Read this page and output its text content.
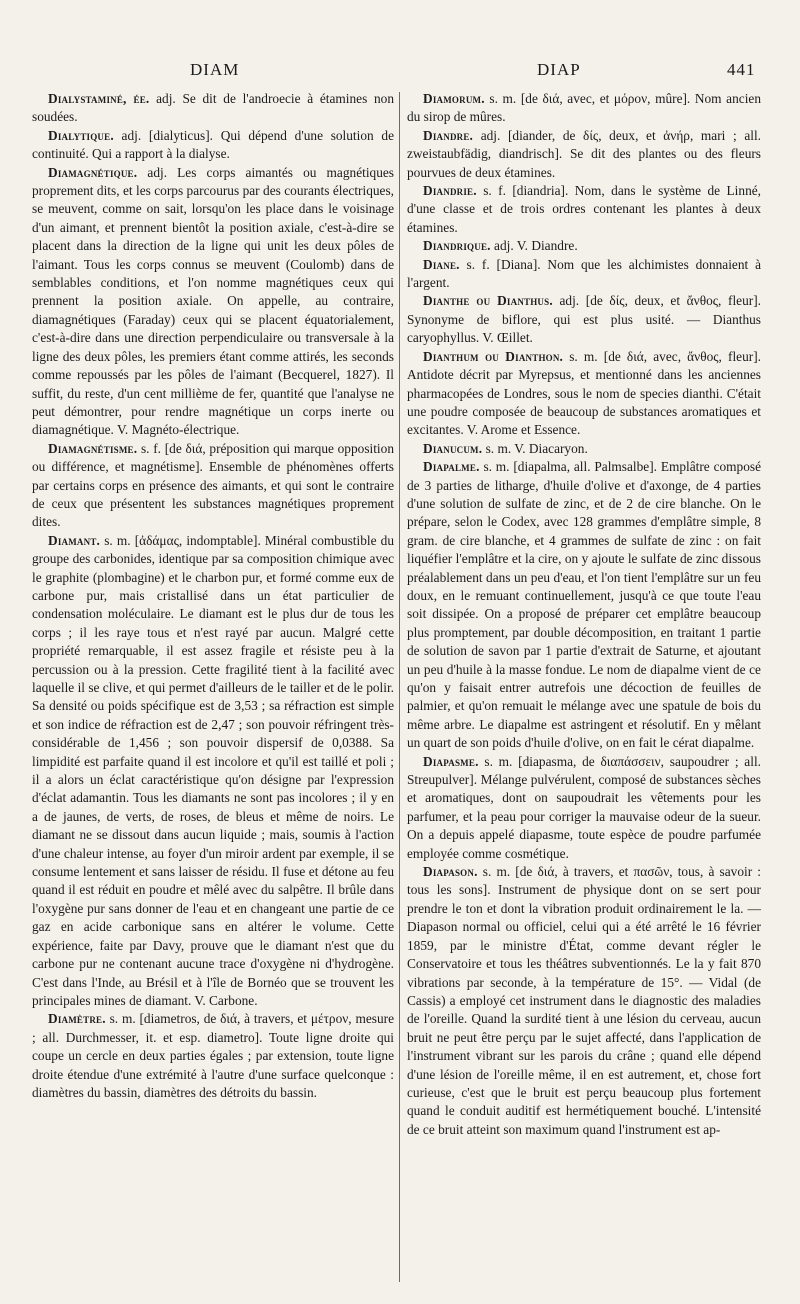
DIAM	DIAP	441

Dialystaminé, ée. adj. Se dit de l'androecie à étamines non soudées.

Dialytique. adj. [dialyticus]. Qui dépend d'une solution de continuité. Qui a rapport à la dialyse.

Diamagnétique. adj. Les corps aimantés ou magnétiques proprement dits, et les corps parcourus par des courants électriques, se meuvent, comme on sait, lorsqu'on les place dans le voisinage d'un aimant, et prennent bientôt la position axiale, c'est-à-dire se placent dans la direction de la ligne qui unit les deux pôles de l'aimant. Tous les corps connus se meuvent (Coulomb) dans de semblables conditions, et l'on nomme magnétiques ceux qui prennent la position axiale. On appelle, au contraire, diamagnétiques (Faraday) ceux qui se placent équatorialement, c'est-à-dire dans une direction perpendiculaire ou transversale à la ligne des deux pôles, les premiers étant comme attirés, les seconds comme repoussés par les pôles de l'aimant (Becquerel, 1827). Il suffit, du reste, d'un cent millième de fer, quantité que l'analyse ne peut démontrer, pour rendre magnétique un corps inerte ou diamagnétique. V. Magnéto-électrique.

Diamagnétisme. s. f. [de διά, préposition qui marque opposition ou différence, et magnétisme]. Ensemble de phénomènes offerts par certains corps en présence des aimants, et qui sont le contraire de ceux que présentent les substances magnétiques proprement dites.

Diamant. s. m. [ἀδάμας, indomptable]. Minéral combustible du groupe des carbonides, identique par sa composition chimique avec le graphite (plombagine) et le charbon pur, et formé comme eux de carbone pur, mais cristallisé dans un état particulier de condensation moléculaire. Le diamant est le plus dur de tous les corps ; il les raye tous et n'est rayé par aucun. Malgré cette propriété remarquable, il est assez fragile et résiste peu à la percussion ou à la pression. Cette fragilité tient à la facilité avec laquelle il se clive, et qui permet d'ailleurs de le tailler et de le polir. Sa densité ou poids spécifique est de 3,53 ; sa réfraction est simple et son indice de réfraction est de 2,47 ; son pouvoir réfringent très-considérable de 1,456 ; son pouvoir dispersif de 0,0388. Sa limpidité est parfaite quand il est incolore et qu'il est taillé et poli ; il a alors un éclat caractéristique qu'on désigne par l'expression d'éclat adamantin. Tous les diamants ne sont pas incolores ; il y en a de jaunes, de verts, de roses, de bleus et même de noirs. Le diamant ne se dissout dans aucun liquide ; mais, soumis à l'action d'une chaleur intense, au foyer d'un miroir ardent par exemple, il se consume lentement et sans laisser de résidu. Il fuse et détone au feu quand il est réduit en poudre et mêlé avec du salpêtre. Il brûle dans l'oxygène pur sans donner de l'eau et en changeant une partie de ce gaz en acide carbonique sans en altérer le volume. Cette expérience, faite par Davy, prouve que le diamant n'est que du carbone pur ne contenant aucune trace d'oxygène ni d'hydrogène. C'est dans l'Inde, au Brésil et à l'île de Bornéo que se trouvent les principales mines de diamant. V. Carbone.

Diamètre. s. m. [diametros, de διά, à travers, et μέτρον, mesure ; all. Durchmesser, it. et esp. diametro]. Toute ligne droite qui coupe un cercle en deux parties égales ; par extension, toute ligne droite étendue d'une extrémité à l'autre d'une surface quelconque : diamètres du bassin, diamètres des détroits du bassin.

Diamorum. s. m. [de διά, avec, et μόρον, mûre]. Nom ancien du sirop de mûres.

Diandre. adj. [diander, de δίς, deux, et ἀνήρ, mari ; all. zweistaubfädig, diandrisch]. Se dit des plantes ou des fleurs pourvues de deux étamines.

Diandrie. s. f. [diandria]. Nom, dans le système de Linné, d'une classe et de trois ordres contenant les plantes à deux étamines.

Diandrique. adj. V. Diandre.

Diane. s. f. [Diana]. Nom que les alchimistes donnaient à l'argent.

Dianthe ou Dianthus. adj. [de δίς, deux, et ἄνθος, fleur]. Synonyme de biflore, qui est plus usité. — Dianthus caryophyllus. V. Œillet.

Dianthum ou Dianthon. s. m. [de διά, avec, ἄνθος, fleur]. Antidote décrit par Myrepsus, et mentionné dans les anciennes pharmacopées de Londres, sous le nom de species dianthi. C'était une poudre composée de beaucoup de substances aromatiques et excitantes. V. Arome et Essence.

Dianucum. s. m. V. Diacaryon.

Diapalme. s. m. [diapalma, all. Palmsalbe]. Emplâtre composé de 3 parties de litharge, d'huile d'olive et d'axonge, de 4 parties d'une solution de sulfate de zinc, et de 2 de cire blanche. On le prépare, selon le Codex, avec 128 grammes d'emplâtre simple, 8 gram. de cire blanche, et 4 grammes de sulfate de zinc : on fait liquéfier l'emplâtre et la cire, on y ajoute le sulfate de zinc dissous préalablement dans un peu d'eau, et l'on tient l'emplâtre sur un feu doux, en le remuant continuellement, jusqu'à ce que toute l'eau soit dissipée. On a proposé de préparer cet emplâtre beaucoup plus promptement, par double décomposition, en traitant 1 partie de solution de savon par 1 partie d'extrait de Saturne, et ajoutant un peu d'huile à la masse fondue. Le nom de diapalme vient de ce qu'on y faisait entrer autrefois une décoction de feuilles de palmier, et qu'on remuait le mélange avec une spatule de bois du même arbre. Le diapalme est astringent et résolutif. En y mêlant un quart de son poids d'huile d'olive, on en fait le cérat diapalme.

Diapasme. s. m. [diapasma, de διαπάσσειν, saupoudrer ; all. Streupulver]. Mélange pulvérulent, composé de substances sèches et aromatiques, dont on saupoudrait les vêtements pour les parfumer, et la peau pour corriger la mauvaise odeur de la sueur. On a depuis appelé diapasme, toute espèce de poudre parfumée employée comme cosmétique.

Diapason. s. m. [de διά, à travers, et πασῶν, tous, à savoir : tous les sons]. Instrument de physique dont on se sert pour prendre le ton et dont la vibration produit ordinairement le la. — Diapason normal ou officiel, celui qui a été arrêté le 16 février 1859, par le ministre d'État, comme devant régler le Conservatoire et tous les théâtres subventionnés. Le la y fait 870 vibrations par seconde, à la température de 15°. — Vidal (de Cassis) a employé cet instrument dans le diagnostic des maladies de l'oreille. Quand la surdité tient à une lésion du cerveau, aucun bruit ne peut être perçu par le sujet affecté, dans l'application de l'instrument vibrant sur les parois du crâne ; quand elle dépend d'une lésion de l'oreille même, il en est autrement, et, chose fort curieuse, c'est que le bruit est perçu beaucoup plus fortement quand le conduit auditif est hermétiquement bouché. L'intensité de ce bruit atteint son maximum quand l'instrument est ap-
